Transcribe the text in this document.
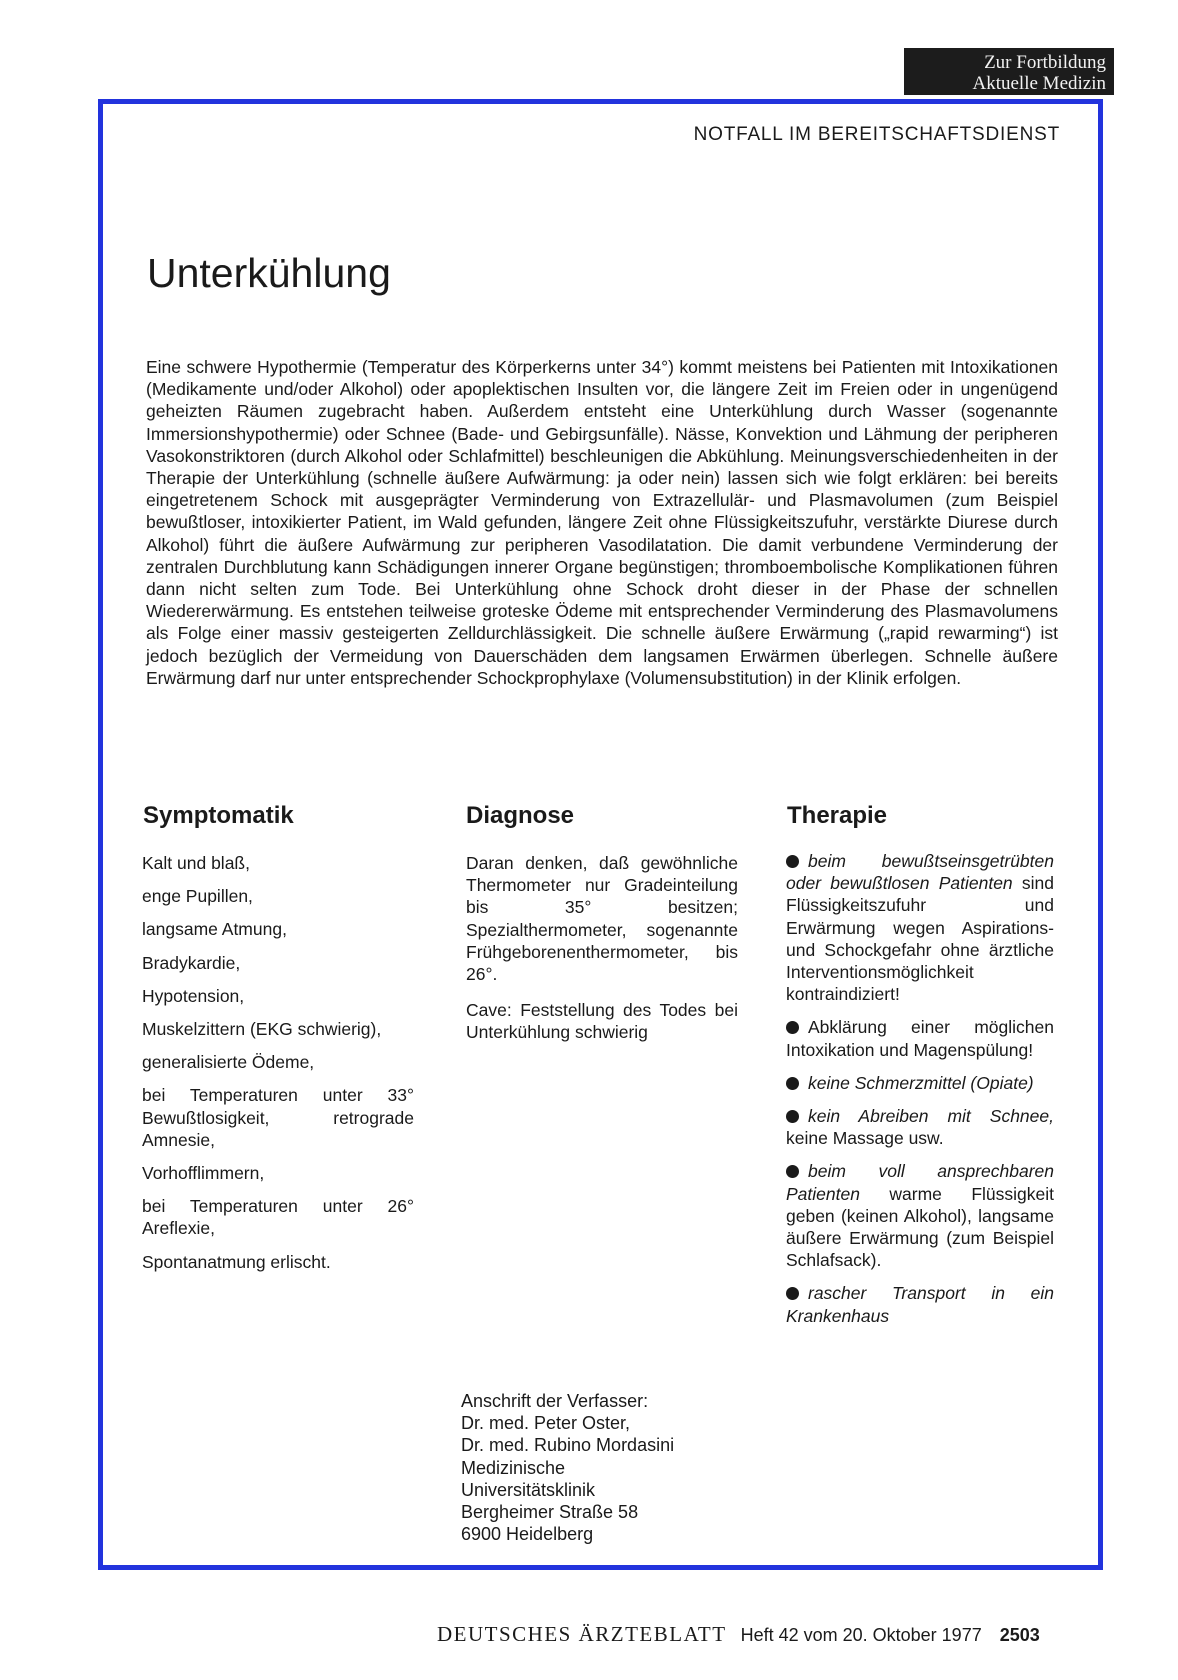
Zur Fortbildung
Aktuelle Medizin
NOTFALL IM BEREITSCHAFTSDIENST
Unterkühlung

Eine schwere Hypothermie (Temperatur des Körperkerns unter 34°) kommt meistens bei Patienten mit Intoxikationen (Medikamente und/oder Alkohol) oder apoplektischen Insulten vor, die längere Zeit im Freien oder in ungenügend geheizten Räumen zugebracht haben. Außerdem entsteht eine Unterkühlung durch Wasser (sogenannte Immersionshypothermie) oder Schnee (Bade- und Gebirgsunfälle). Nässe, Konvektion und Lähmung der peripheren Vasokonstriktoren (durch Alkohol oder Schlafmittel) beschleunigen die Abkühlung. Meinungsverschiedenheiten in der Therapie der Unterkühlung (schnelle äußere Aufwärmung: ja oder nein) lassen sich wie folgt erklären: bei bereits eingetretenem Schock mit ausgeprägter Verminderung von Extrazellulär- und Plasmavolumen (zum Beispiel bewußtloser, intoxikierter Patient, im Wald gefunden, längere Zeit ohne Flüssigkeitszufuhr, verstärkte Diurese durch Alkohol) führt die äußere Aufwärmung zur peripheren Vasodilatation. Die damit verbundene Verminderung der zentralen Durchblutung kann Schädigungen innerer Organe begünstigen; thromboembolische Komplikationen führen dann nicht selten zum Tode. Bei Unterkühlung ohne Schock droht dieser in der Phase der schnellen Wiedererwärmung. Es entstehen teilweise groteske Ödeme mit entsprechender Verminderung des Plasmavolumens als Folge einer massiv gesteigerten Zelldurchlässigkeit. Die schnelle äußere Erwärmung („rapid rewarming“) ist jedoch bezüglich der Vermeidung von Dauerschäden dem langsamen Erwärmen überlegen. Schnelle äußere Erwärmung darf nur unter entsprechender Schockprophylaxe (Volumensubstitution) in der Klinik erfolgen.

Symptomatik	Diagnose	Therapie

Kalt und blaß,

enge Pupillen,

langsame Atmung,

Bradykardie,

Hypotension,

Muskelzittern (EKG schwierig),

generalisierte Ödeme,

bei Temperaturen unter 33° Bewußtlosigkeit, retrograde Amnesie,

Vorhofflimmern,

bei Temperaturen unter 26° Areflexie,

Spontanatmung erlischt.

Daran denken, daß gewöhnliche Thermometer nur Gradeinteilung bis 35° besitzen; Spezialthermometer, sogenannte Frühgeborenenthermometer, bis 26°.

Cave: Feststellung des Todes bei Unterkühlung schwierig

beim bewußtseinsgetrübten oder bewußtlosen Patienten sind Flüssigkeitszufuhr und Erwärmung wegen Aspirations- und Schockgefahr ohne ärztliche Interventionsmöglichkeit kontraindiziert!

Abklärung einer möglichen Intoxikation und Magenspülung!

keine Schmerzmittel (Opiate)

kein Abreiben mit Schnee, keine Massage usw.

beim voll ansprechbaren Patienten warme Flüssigkeit geben (keinen Alkohol), langsame äußere Erwärmung (zum Beispiel Schlafsack).

rascher Transport in ein Krankenhaus

Anschrift der Verfasser:
Dr. med. Peter Oster,
Dr. med. Rubino Mordasini
Medizinische
Universitätsklinik
Bergheimer Straße 58
6900 Heidelberg
DEUTSCHES ÄRZTEBLATT Heft 42 vom 20. Oktober 1977 2503
